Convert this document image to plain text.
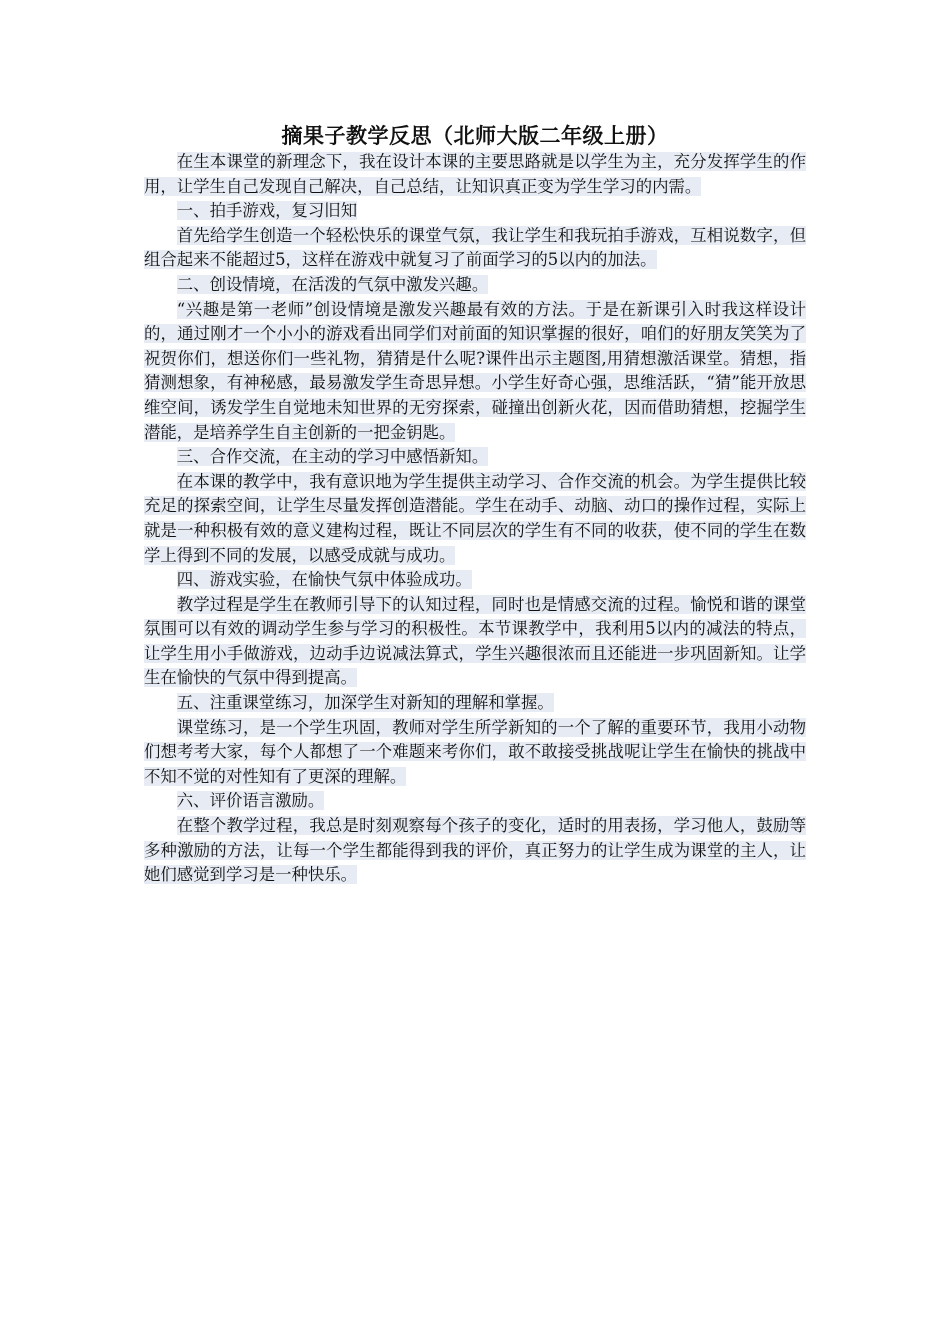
摘果子教学反思（北师大版二年级上册）

在生本课堂的新理念下，我在设计本课的主要思路就是以学生为主，充分发挥学生的作用，让学生自己发现自己解决，自己总结，让知识真正变为学生学习的内需。

一、拍手游戏，复习旧知

首先给学生创造一个轻松快乐的课堂气氛，我让学生和我玩拍手游戏，互相说数字，但组合起来不能超过5，这样在游戏中就复习了前面学习的5以内的加法。

二、创设情境，在活泼的气氛中激发兴趣。

“兴趣是第一老师”创设情境是激发兴趣最有效的方法。于是在新课引入时我这样设计的，通过刚才一个小小的游戏看出同学们对前面的知识掌握的很好，咱们的好朋友笑笑为了祝贺你们，想送你们一些礼物，猜猜是什么呢?课件出示主题图,用猜想激活课堂。猜想，指猜测想象，有神秘感，最易激发学生奇思异想。小学生好奇心强，思维活跃，“猜”能开放思维空间，诱发学生自觉地未知世界的无穷探索，碰撞出创新火花，因而借助猜想，挖掘学生潜能，是培养学生自主创新的一把金钥匙。

三、合作交流，在主动的学习中感悟新知。

在本课的教学中，我有意识地为学生提供主动学习、合作交流的机会。为学生提供比较充足的探索空间，让学生尽量发挥创造潜能。学生在动手、动脑、动口的操作过程，实际上就是一种积极有效的意义建构过程，既让不同层次的学生有不同的收获，使不同的学生在数学上得到不同的发展，以感受成就与成功。

四、游戏实验，在愉快气氛中体验成功。

教学过程是学生在教师引导下的认知过程，同时也是情感交流的过程。愉悦和谐的课堂氛围可以有效的调动学生参与学习的积极性。本节课教学中，我利用5以内的减法的特点，让学生用小手做游戏，边动手边说减法算式，学生兴趣很浓而且还能进一步巩固新知。让学生在愉快的气氛中得到提高。

五、注重课堂练习，加深学生对新知的理解和掌握。

课堂练习，是一个学生巩固，教师对学生所学新知的一个了解的重要环节，我用小动物们想考考大家，每个人都想了一个难题来考你们，敢不敢接受挑战呢让学生在愉快的挑战中不知不觉的对性知有了更深的理解。

六、评价语言激励。

在整个教学过程，我总是时刻观察每个孩子的变化，适时的用表扬，学习他人，鼓励等多种激励的方法，让每一个学生都能得到我的评价，真正努力的让学生成为课堂的主人，让她们感觉到学习是一种快乐。
